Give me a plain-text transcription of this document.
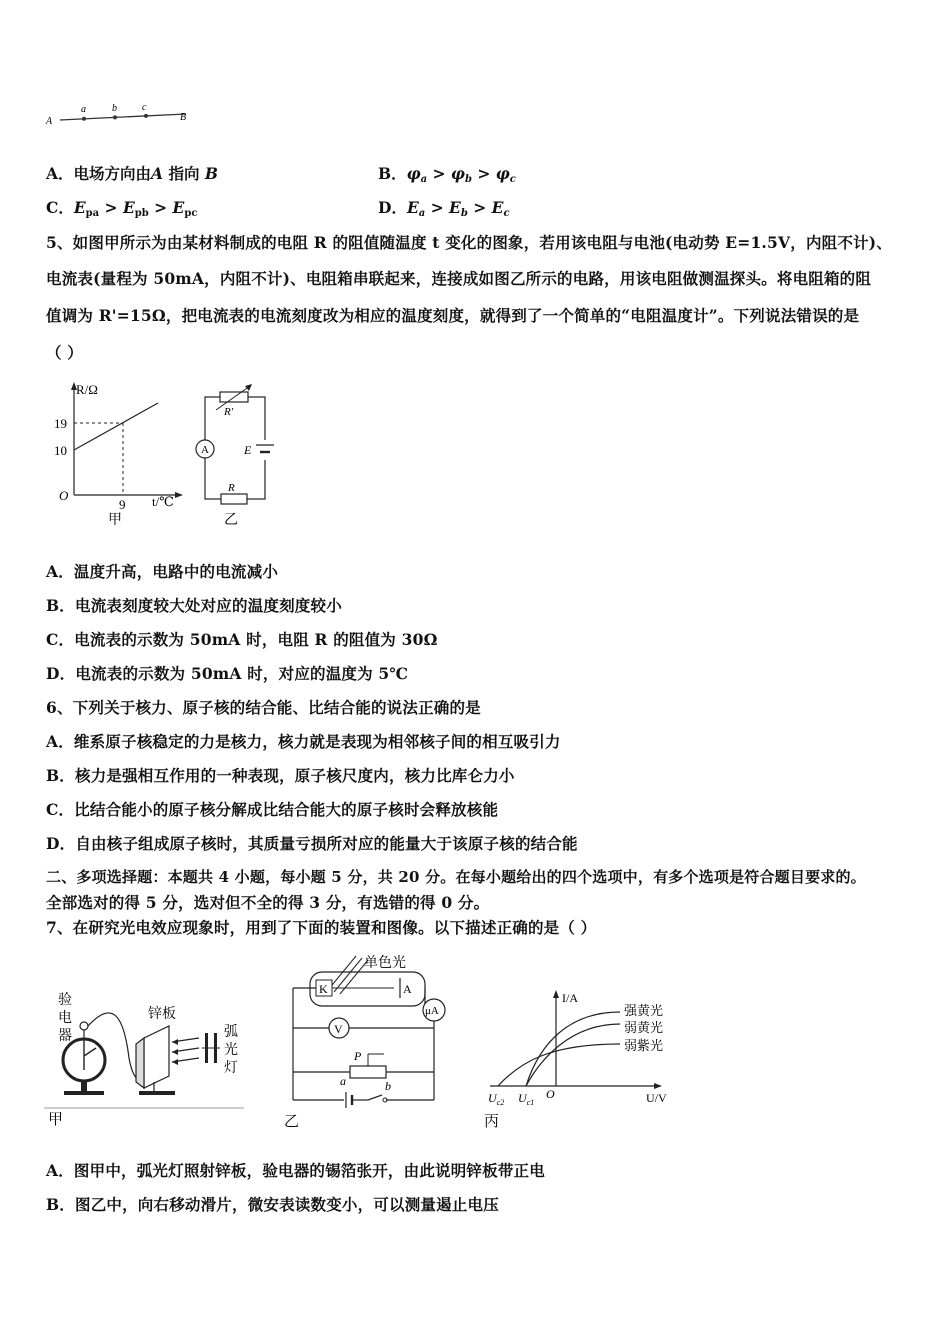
A
a	b	c
B
A．电场方向由A 指向 B	B．$\varphi_a > \varphi_b > \varphi_c$
C．$E_{pa} > E_{pb} > E_{pc}$	D．$E_a > E_b > E_c$
5、如图甲所示为由某材料制成的电阻 R 的阻值随温度 t 变化的图象，若用该电阻与电池(电动势 E=1.5V，内阻不计)、
电流表(量程为 50mA，内阻不计)、电阻箱串联起来，连接成如图乙所示的电路，用该电阻做测温探头。将电阻箱的阻
值调为 R'=15Ω，把电流表的电流刻度改为相应的温度刻度，就得到了一个简单的“电阻温度计”。下列说法错误的是
（ ）
R/Ω
t/℃
O
19
10
9
甲
R'
A	E
R
乙
A．温度升高，电路中的电流减小
B．电流表刻度较大处对应的温度刻度较小
C．电流表的示数为 50mA 时，电阻 R 的阻值为 30Ω
D．电流表的示数为 50mA 时，对应的温度为 5℃
6、下列关于核力、原子核的结合能、比结合能的说法正确的是
A．维系原子核稳定的力是核力，核力就是表现为相邻核子间的相互吸引力
B．核力是强相互作用的一种表现，原子核尺度内，核力比库仑力小
C．比结合能小的原子核分解成比结合能大的原子核时会释放核能
D．自由核子组成原子核时，其质量亏损所对应的能量大于该原子核的结合能
二、多项选择题：本题共 4 小题，每小题 5 分，共 20 分。在每小题给出的四个选项中，有多个选项是符合题目要求的。
全部选对的得 5 分，选对但不全的得 3 分，有选错的得 0 分。
7、在研究光电效应现象时，用到了下面的装置和图像。以下描述正确的是（ ）
验
电
器
锌板
弧
光
灯
甲
单色光
K	A
μA
V
P
a	b
乙
I/A
U/V
O
$U_{c2}$ $U_{c1}$
强黄光
弱黄光
弱紫光
丙
A．图甲中，弧光灯照射锌板，验电器的锡箔张开，由此说明锌板带正电
B．图乙中，向右移动滑片，微安表读数变小，可以测量遏止电压
